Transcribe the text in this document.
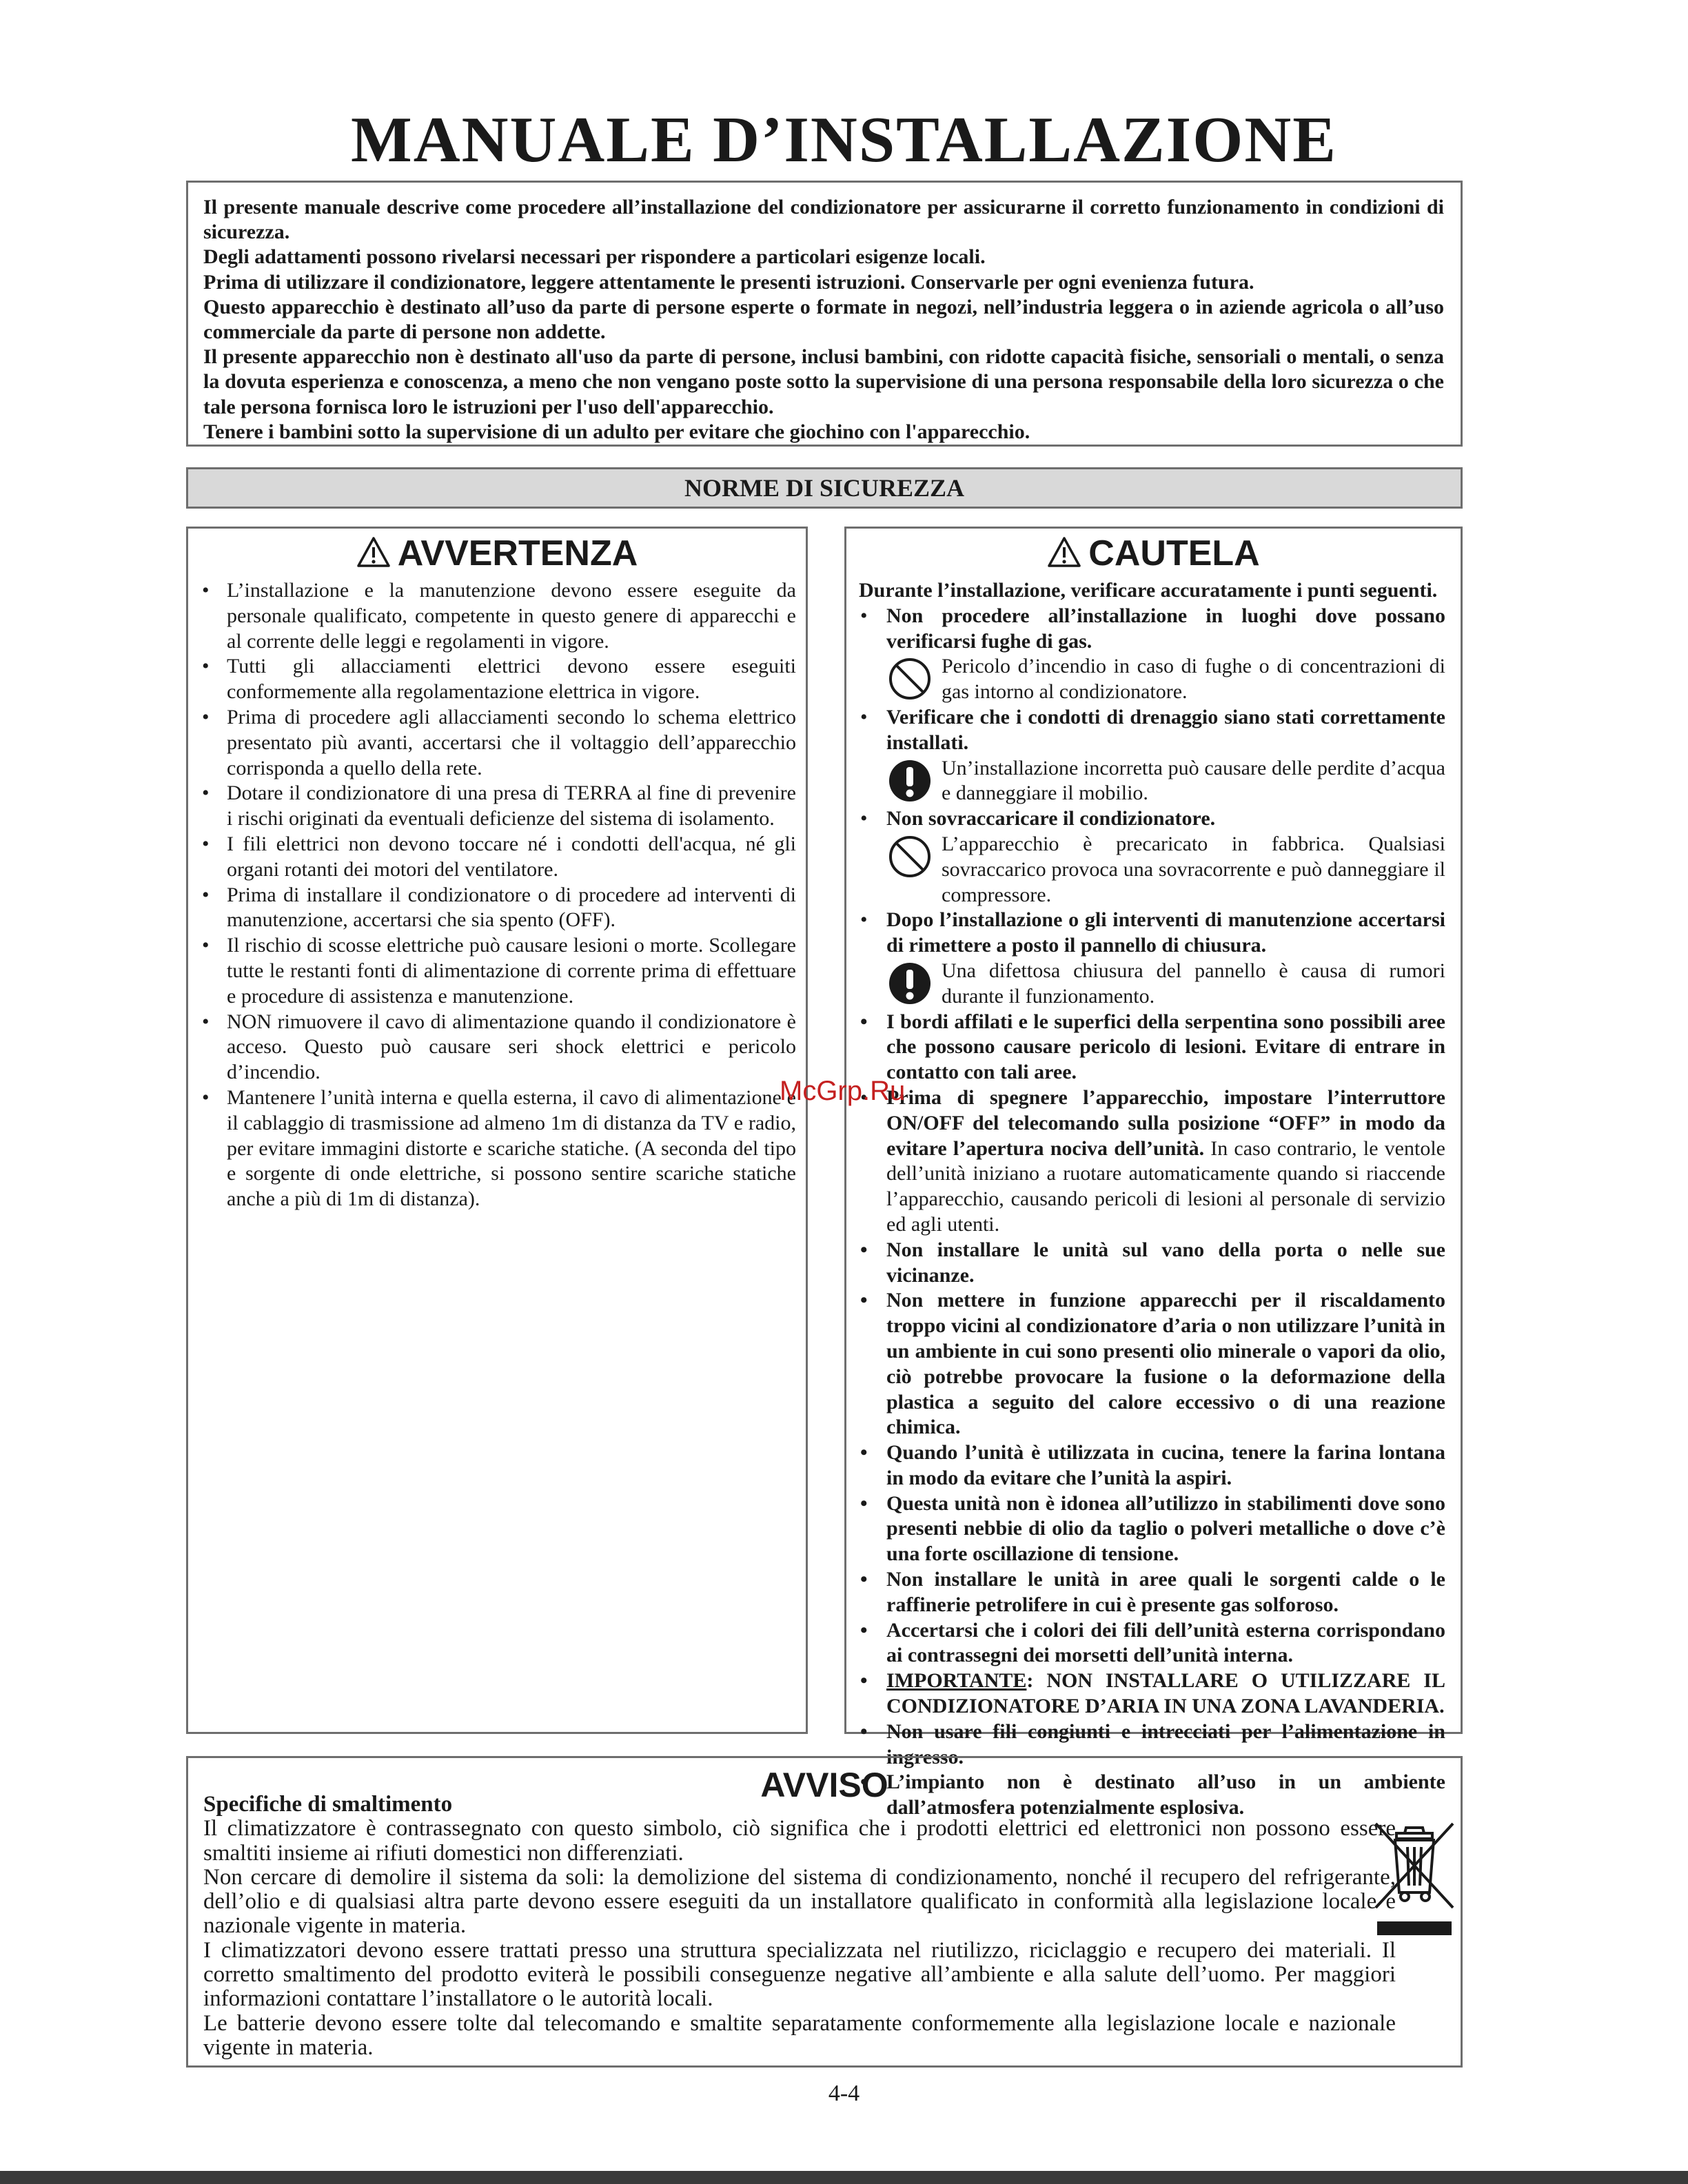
MANUALE D’INSTALLAZIONE

Il presente manuale descrive come procedere all’installazione del condizionatore per assicurarne il corretto funzionamento in condizioni di sicurezza.

Degli adattamenti possono rivelarsi necessari per rispondere a particolari esigenze locali.

Prima di utilizzare il condizionatore, leggere attentamente le presenti istruzioni. Conservarle per ogni evenienza futura.

Questo apparecchio è destinato all’uso da parte di persone esperte o formate in negozi, nell’industria leggera o in aziende agricola o all’uso commerciale da parte di persone non addette.

Il presente apparecchio non è destinato all'uso da parte di persone, inclusi bambini, con ridotte capacità fisiche, sensoriali o mentali, o senza la dovuta esperienza e conoscenza, a meno che non vengano poste sotto la supervisione di una persona responsabile della loro sicurezza o che tale persona fornisca loro le istruzioni per l'uso dell'apparecchio.

Tenere i bambini sotto la supervisione di un adulto per evitare che giochino con l'apparecchio.

NORME DI SICUREZZA
AVVERTENZA
• L’installazione e la manutenzione devono essere eseguite da personale qualificato, competente in questo genere di apparecchi e al corrente delle leggi e regolamenti in vigore.
• Tutti gli allacciamenti elettrici devono essere eseguiti conformemente alla regolamentazione elettrica in vigore.
• Prima di procedere agli allacciamenti secondo lo schema elettrico presentato più avanti, accertarsi che il voltaggio dell’apparecchio corrisponda a quello della rete.
• Dotare il condizionatore di una presa di TERRA al fine di prevenire i rischi originati da eventuali deficienze del sistema di isolamento.
• I fili elettrici non devono toccare né i condotti dell'acqua, né gli organi rotanti dei motori del ventilatore.
• Prima di installare il condizionatore o di procedere ad interventi di manutenzione, accertarsi che sia spento (OFF).
• Il rischio di scosse elettriche può causare lesioni o morte. Scollegare tutte le restanti fonti di alimentazione di corrente prima di effettuare e procedure di assistenza e manutenzione.
• NON rimuovere il cavo di alimentazione quando il condizionatore è acceso. Questo può causare seri shock elettrici e pericolo d’incendio.
• Mantenere l’unità interna e quella esterna, il cavo di alimentazione e il cablaggio di trasmissione ad almeno 1m di distanza da TV e radio, per evitare immagini distorte e scariche statiche. (A seconda del tipo e sorgente di onde elettriche, si possono sentire scariche statiche anche a più di 1m di distanza).
CAUTELA
Durante l’installazione, verificare accuratamente i punti seguenti.
• Non procedere all’installazione in luoghi dove possano verificarsi fughe di gas.
Pericolo d’incendio in caso di fughe o di concentrazioni di gas intorno al condizionatore.
• Verificare che i condotti di drenaggio siano stati correttamente installati.
Un’installazione incorretta può causare delle perdite d’acqua e danneggiare il mobilio.
• Non sovraccaricare il condizionatore.
L’apparecchio è precaricato in fabbrica. Qualsiasi sovraccarico provoca una sovracorrente e può danneggiare il compressore.
• Dopo l’installazione o gli interventi di manutenzione accertarsi di rimettere a posto il pannello di chiusura.
Una difettosa chiusura del pannello è causa di rumori durante il funzionamento.
• I bordi affilati e le superfici della serpentina sono possibili aree che possono causare pericolo di lesioni. Evitare di entrare in contatto con tali aree.
• Prima di spegnere l’apparecchio, impostare l’interruttore ON/OFF del telecomando sulla posizione “OFF” in modo da evitare l’apertura nociva dell’unità. In caso contrario, le ventole dell’unità iniziano a ruotare automaticamente quando si riaccende l’apparecchio, causando pericoli di lesioni al personale di servizio ed agli utenti.
• Non installare le unità sul vano della porta o nelle sue vicinanze.
• Non mettere in funzione apparecchi per il riscaldamento troppo vicini al condizionatore d’aria o non utilizzare l’unità in un ambiente in cui sono presenti olio minerale o vapori da olio, ciò potrebbe provocare la fusione o la deformazione della plastica a seguito del calore eccessivo o di una reazione chimica.
• Quando l’unità è utilizzata in cucina, tenere la farina lontana in modo da evitare che l’unità la aspiri.
• Questa unità non è idonea all’utilizzo in stabilimenti dove sono presenti nebbie di olio da taglio o polveri metalliche o dove c’è una forte oscillazione di tensione.
• Non installare le unità in aree quali le sorgenti calde o le raffinerie petrolifere in cui è presente gas solforoso.
• Accertarsi che i colori dei fili dell’unità esterna corrispondano ai contrassegni dei morsetti dell’unità interna.
• IMPORTANTE: NON INSTALLARE O UTILIZZARE IL CONDIZIONATORE D’ARIA IN UNA ZONA LAVANDERIA.
• Non usare fili congiunti e intrecciati per l’alimentazione in ingresso.
• L’impianto non è destinato all’uso in un ambiente dall’atmosfera potenzialmente esplosiva.
McGrp.Ru
AVVISO

Specifiche di smaltimento

Il climatizzatore è contrassegnato con questo simbolo, ciò significa che i prodotti elettrici ed elettronici non possono essere smaltiti insieme ai rifiuti domestici non differenziati.

Non cercare di demolire il sistema da soli: la demolizione del sistema di condizionamento, nonché il recupero del refrigerante, dell’olio e di qualsiasi altra parte devono essere eseguiti da un installatore qualificato in conformità alla legislazione locale e nazionale vigente in materia.

I climatizzatori devono essere trattati presso una struttura specializzata nel riutilizzo, riciclaggio e recupero dei materiali. Il corretto smaltimento del prodotto eviterà le possibili conseguenze negative all’ambiente e alla salute dell’uomo. Per maggiori informazioni contattare l’installatore o le autorità locali.

Le batterie devono essere tolte dal telecomando e smaltite separatamente conformemente alla legislazione locale e nazionale vigente in materia.

4-4
